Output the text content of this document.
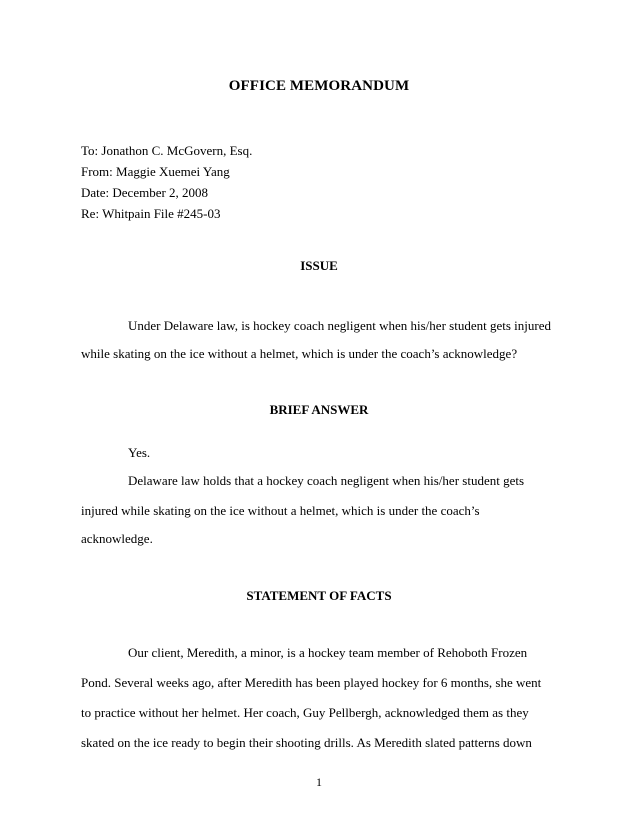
OFFICE MEMORANDUM
To: Jonathon C. McGovern, Esq.
From: Maggie Xuemei Yang
Date: December 2, 2008
Re: Whitpain File #245-03
ISSUE
Under Delaware law, is hockey coach negligent when his/her student gets injured
while skating on the ice without a helmet, which is under the coach’s acknowledge?
BRIEF ANSWER
Yes.
Delaware law holds that a hockey coach negligent when his/her student gets
injured while skating on the ice without a helmet, which is under the coach’s
acknowledge.
STATEMENT OF FACTS
Our client, Meredith, a minor, is a hockey team member of Rehoboth Frozen
Pond. Several weeks ago, after Meredith has been played hockey for 6 months, she went
to practice without her helmet. Her coach, Guy Pellbergh, acknowledged them as they
skated on the ice ready to begin their shooting drills. As Meredith slated patterns down
1
